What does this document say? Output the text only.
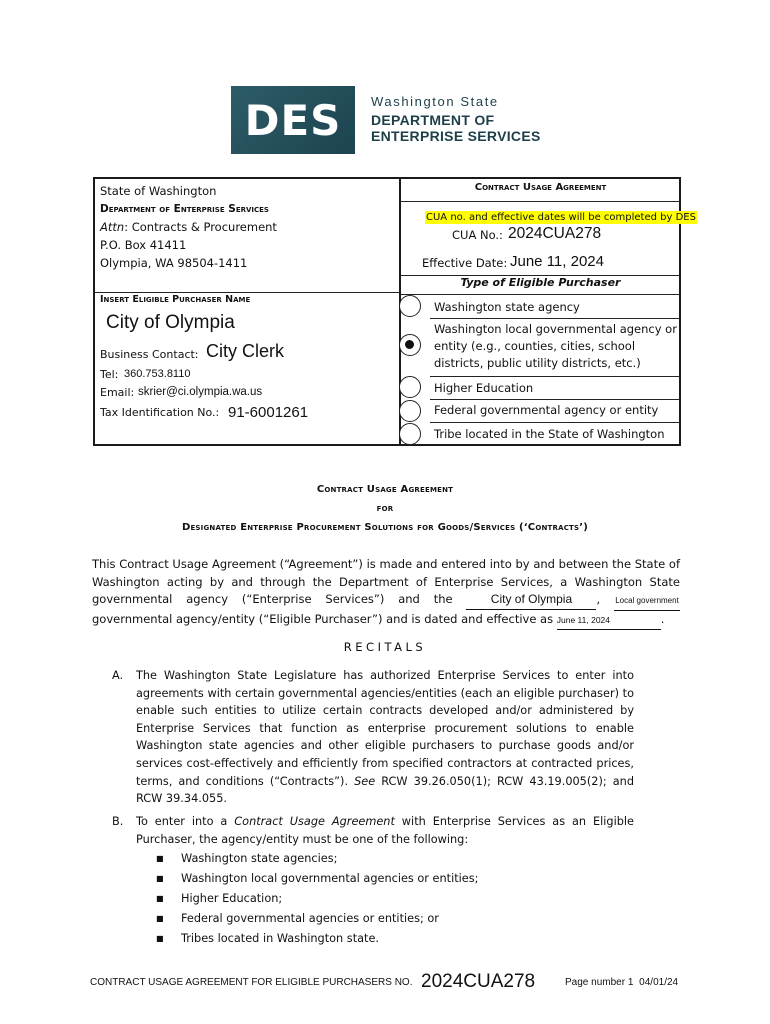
DES Washington State
DEPARTMENT OF
ENTERPRISE SERVICES
State of Washington
Department of Enterprise Services
Attn: Contracts & Procurement
P.O. Box 41411
Olympia, WA 98504-1411
Insert Eligible Purchaser Name
City of Olympia
Business Contact: City Clerk
Tel: 360.753.8110
Email: skrier@ci.olympia.wa.us
Tax Identification No.: 91-6001261
Contract Usage Agreement
CUA no. and effective dates will be completed by DES
CUA No.: 2024CUA278
Effective Date: June 11, 2024
Type of Eligible Purchaser
Washington state agency
Washington local governmental agency or entity (e.g., counties, cities, school districts, public utility districts, etc.)
Higher Education
Federal governmental agency or entity
Tribe located in the State of Washington
Contract Usage Agreement
for
Designated Enterprise Procurement Solutions for Goods/Services (‘Contracts’)
This Contract Usage Agreement (“Agreement”) is made and entered into by and between the State of Washington acting by and through the Department of Enterprise Services, a Washington State governmental agency (“Enterprise Services”) and the City of Olympia , Local government governmental agency/entity (“Eligible Purchaser”) and is dated and effective as June 11, 2024	.
RECITALS
A. The Washington State Legislature has authorized Enterprise Services to enter into agreements with certain governmental agencies/entities (each an eligible purchaser) to enable such entities to utilize certain contracts developed and/or administered by Enterprise Services that function as enterprise procurement solutions to enable Washington state agencies and other eligible purchasers to purchase goods and/or services cost-effectively and efficiently from specified contractors at contracted prices, terms, and conditions (“Contracts”). See RCW 39.26.050(1); RCW 43.19.005(2); and RCW 39.34.055.
B. To enter into a Contract Usage Agreement with Enterprise Services as an Eligible Purchaser, the agency/entity must be one of the following:
■ Washington state agencies;
■ Washington local governmental agencies or entities;
■ Higher Education;
■ Federal governmental agencies or entities; or
■ Tribes located in Washington state.
CONTRACT USAGE AGREEMENT FOR ELIGIBLE PURCHASERS NO. 2024CUA278	Page number 1 04/01/24
